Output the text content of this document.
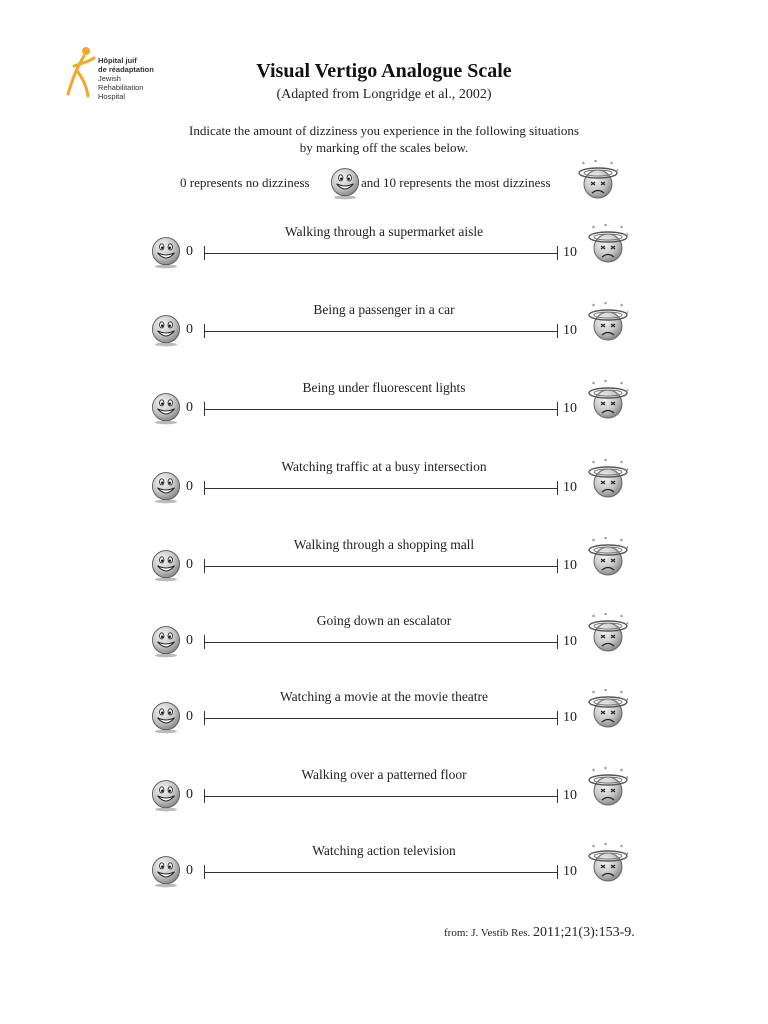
Hôpital juif
de réadaptation
Jewish
Rehabilitation
Hospital
Visual Vertigo Analogue Scale
(Adapted from Longridge et al., 2002)
Indicate the amount of dizziness you experience in the following situations
by marking off the scales below.
0 represents no dizziness	and 10 represents the most dizziness
Walking through a supermarket aisle
0	10
Being a passenger in a car
0	10
Being under fluorescent lights
0	10
Watching traffic at a busy intersection
0	10
Walking through a shopping mall
0	10
Going down an escalator
0	10
Watching a movie at the movie theatre
0	10
Walking over a patterned floor
0	10
Watching action television
0	10
from: J. Vestib Res. 2011;21(3):153-9.
